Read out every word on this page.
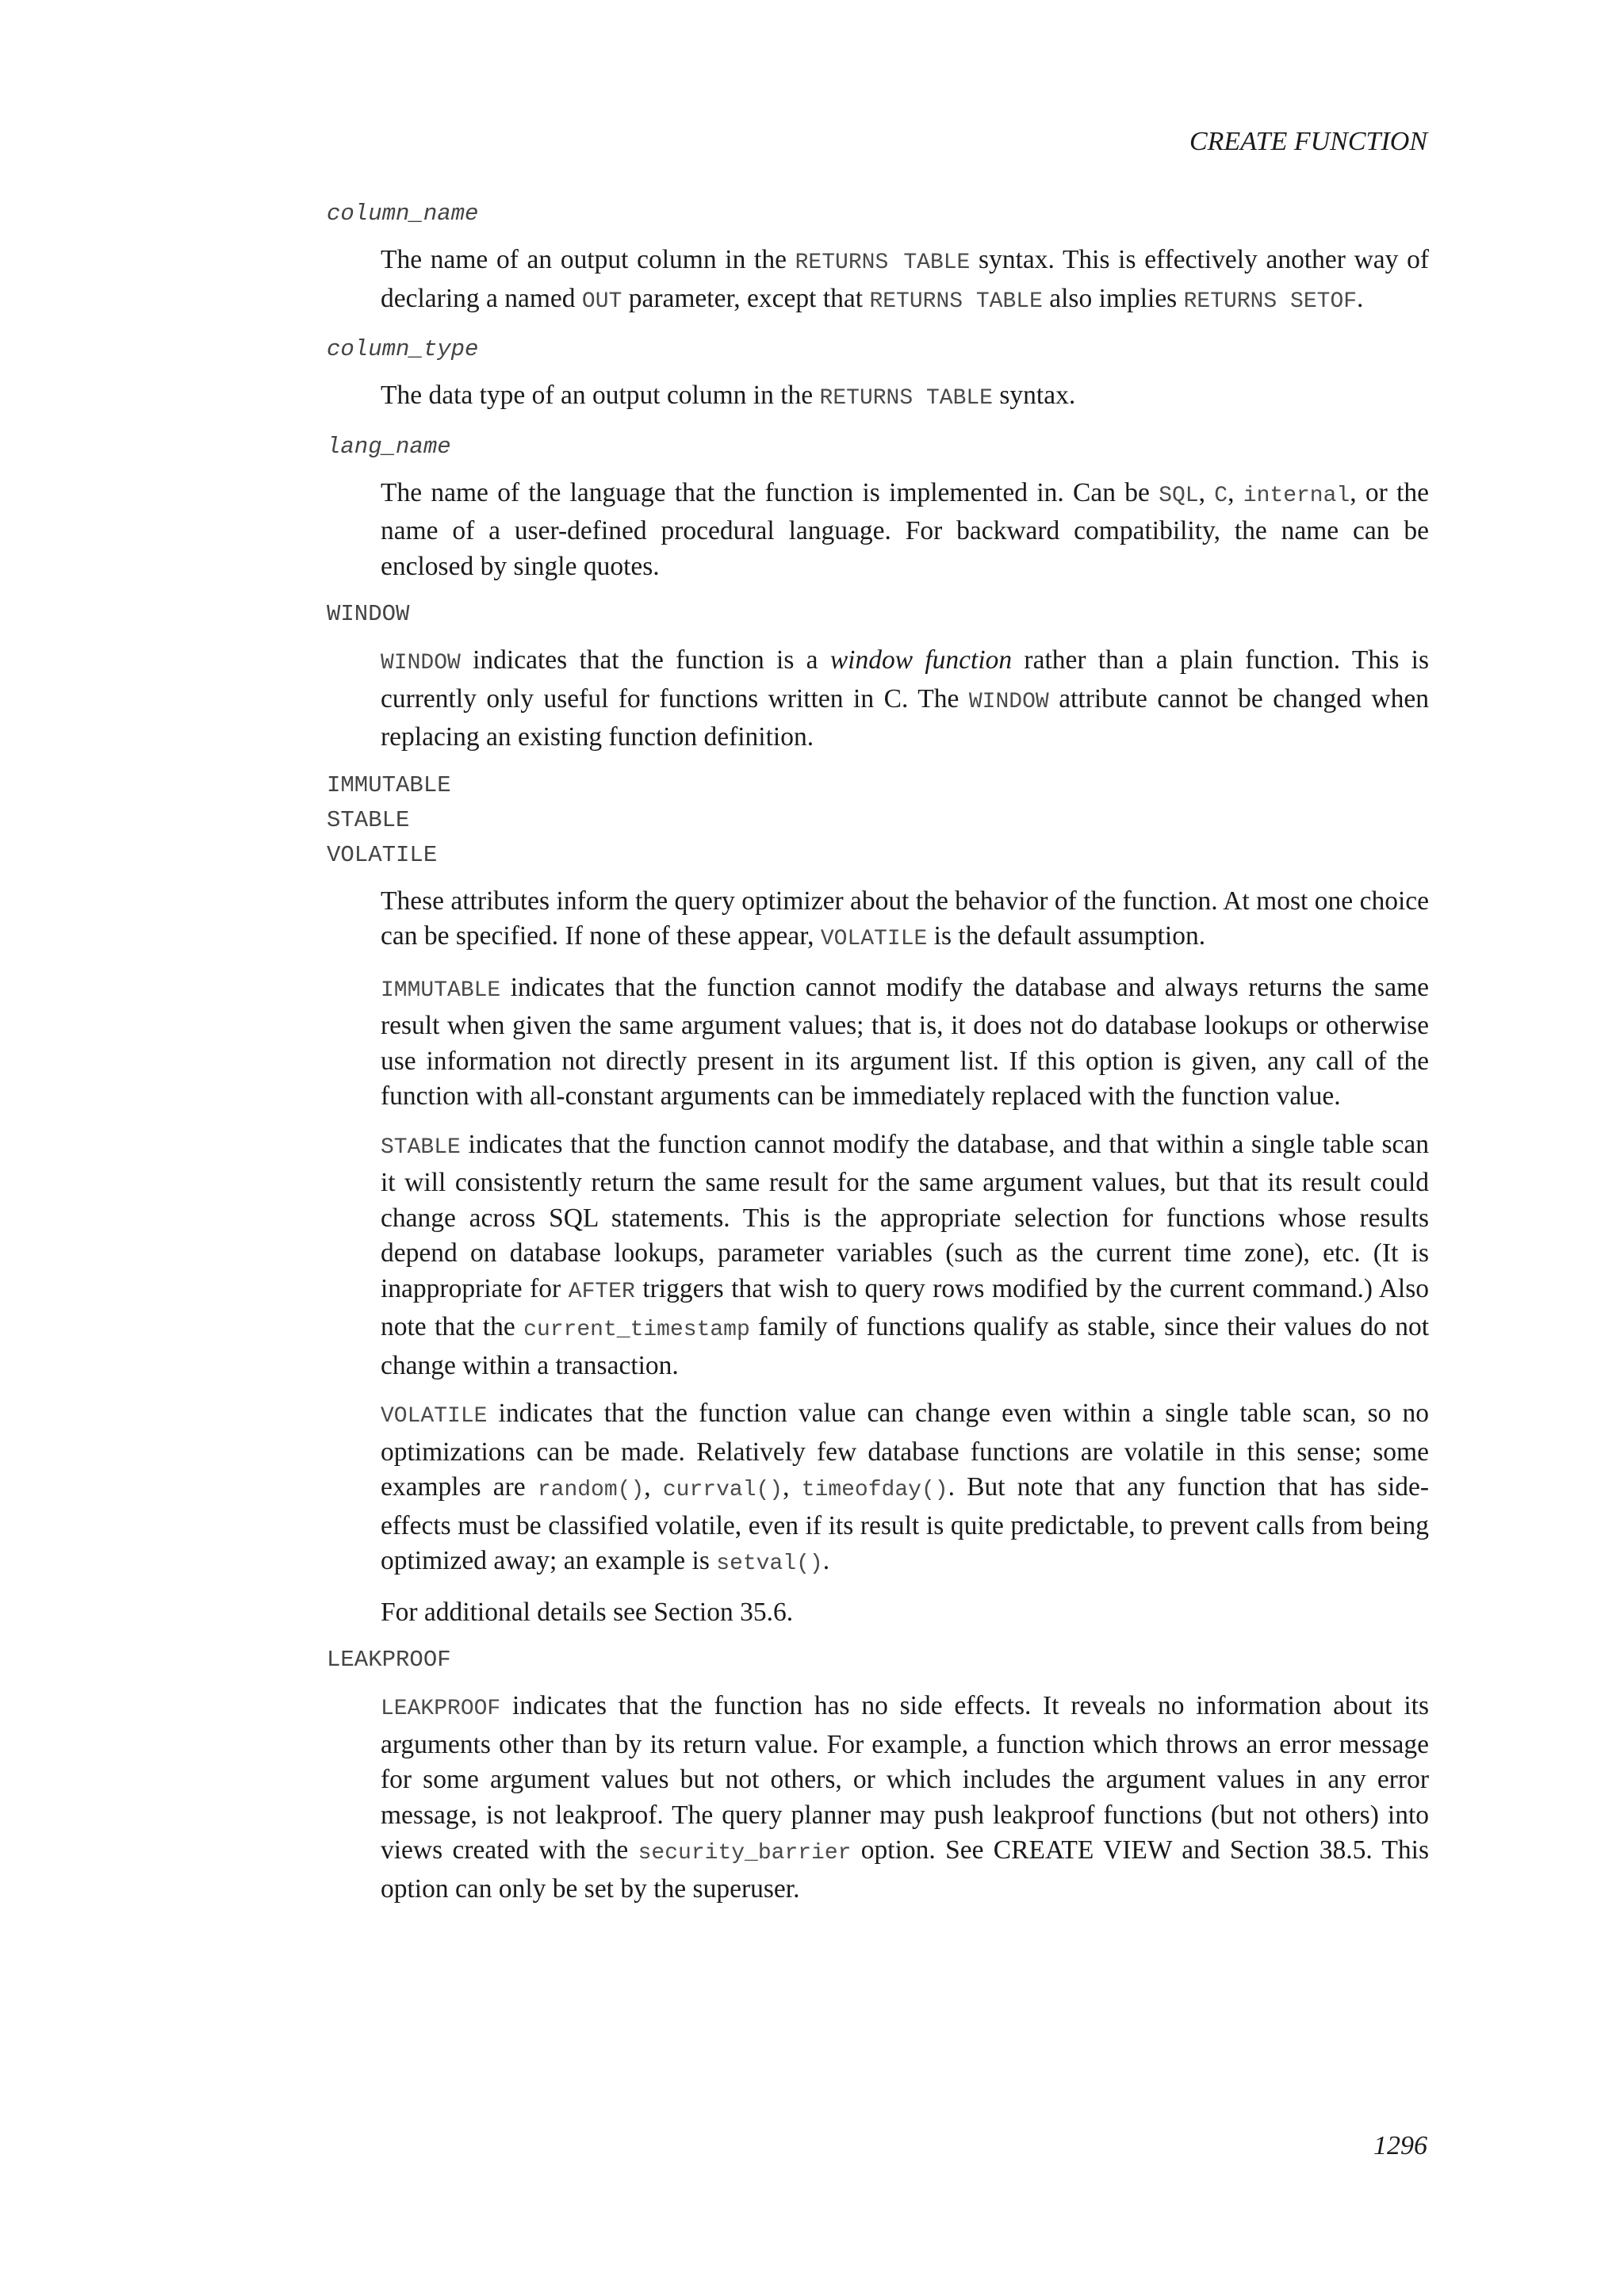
CREATE FUNCTION
column_name

The name of an output column in the RETURNS TABLE syntax. This is effectively another way of declaring a named OUT parameter, except that RETURNS TABLE also implies RETURNS SETOF.

column_type

The data type of an output column in the RETURNS TABLE syntax.

lang_name

The name of the language that the function is implemented in. Can be SQL, C, internal, or the name of a user-defined procedural language. For backward compatibility, the name can be enclosed by single quotes.

WINDOW

WINDOW indicates that the function is a window function rather than a plain function. This is currently only useful for functions written in C. The WINDOW attribute cannot be changed when replacing an existing function definition.

IMMUTABLE
STABLE
VOLATILE

These attributes inform the query optimizer about the behavior of the function. At most one choice can be specified. If none of these appear, VOLATILE is the default assumption.

IMMUTABLE indicates that the function cannot modify the database and always returns the same result when given the same argument values; that is, it does not do database lookups or otherwise use information not directly present in its argument list. If this option is given, any call of the function with all-constant arguments can be immediately replaced with the function value.

STABLE indicates that the function cannot modify the database, and that within a single table scan it will consistently return the same result for the same argument values, but that its result could change across SQL statements. This is the appropriate selection for functions whose results depend on database lookups, parameter variables (such as the current time zone), etc. (It is inappropriate for AFTER triggers that wish to query rows modified by the current command.) Also note that the current_timestamp family of functions qualify as stable, since their values do not change within a transaction.

VOLATILE indicates that the function value can change even within a single table scan, so no optimizations can be made. Relatively few database functions are volatile in this sense; some examples are random(), currval(), timeofday(). But note that any function that has side-effects must be classified volatile, even if its result is quite predictable, to prevent calls from being optimized away; an example is setval().

For additional details see Section 35.6.

LEAKPROOF

LEAKPROOF indicates that the function has no side effects. It reveals no information about its arguments other than by its return value. For example, a function which throws an error message for some argument values but not others, or which includes the argument values in any error message, is not leakproof. The query planner may push leakproof functions (but not others) into views created with the security_barrier option. See CREATE VIEW and Section 38.5. This option can only be set by the superuser.

1296
